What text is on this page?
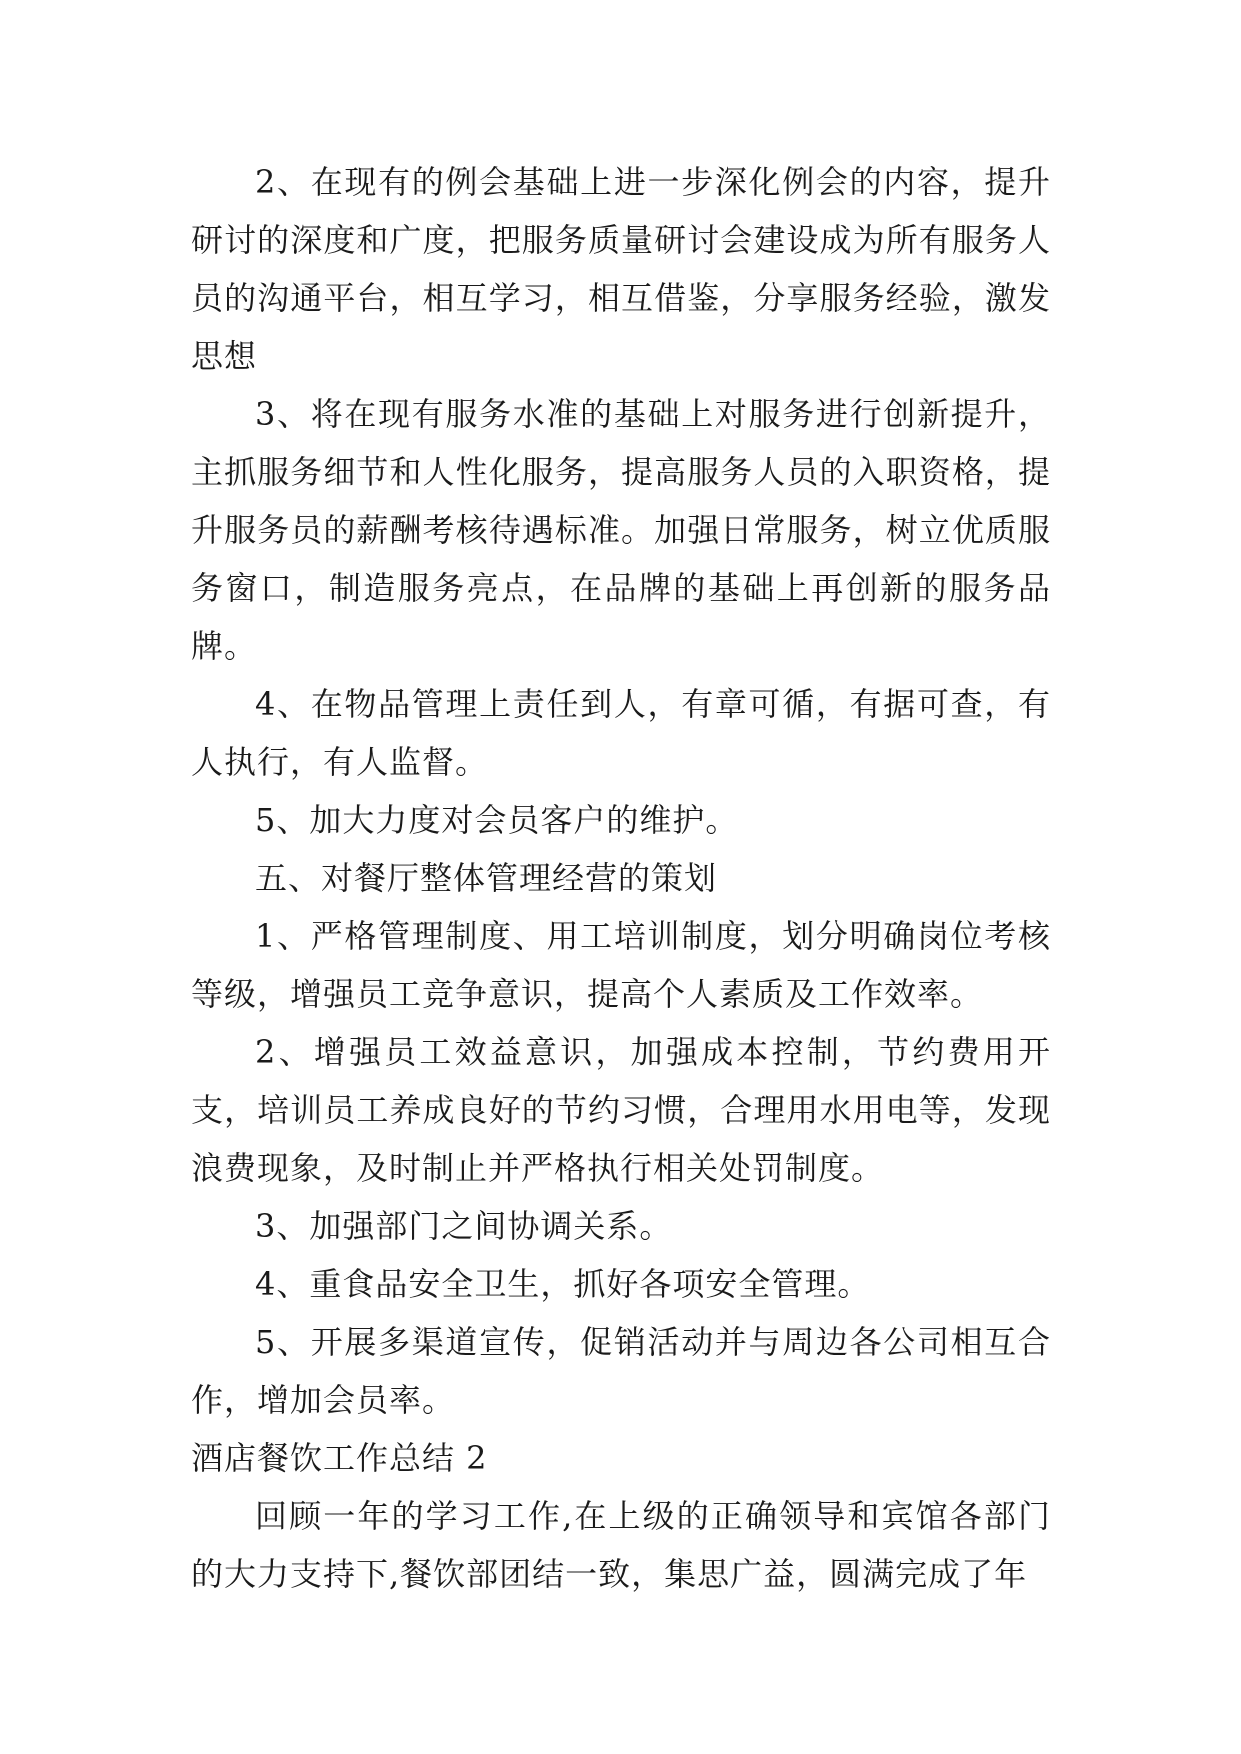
2、在现有的例会基础上进一步深化例会的内容，提升研讨的深度和广度，把服务质量研讨会建设成为所有服务人员的沟通平台，相互学习，相互借鉴，分享服务经验，激发思想

3、将在现有服务水准的基础上对服务进行创新提升，主抓服务细节和人性化服务，提高服务人员的入职资格，提升服务员的薪酬考核待遇标准。加强日常服务，树立优质服务窗口，制造服务亮点，在品牌的基础上再创新的服务品牌。

4、在物品管理上责任到人，有章可循，有据可查，有人执行，有人监督。

5、加大力度对会员客户的维护。

五、对餐厅整体管理经营的策划

1、严格管理制度、用工培训制度，划分明确岗位考核等级，增强员工竞争意识，提高个人素质及工作效率。

2、增强员工效益意识，加强成本控制，节约费用开支，培训员工养成良好的节约习惯，合理用水用电等，发现浪费现象，及时制止并严格执行相关处罚制度。

3、加强部门之间协调关系。

4、重食品安全卫生，抓好各项安全管理。

5、开展多渠道宣传，促销活动并与周边各公司相互合作，增加会员率。

酒店餐饮工作总结 2

回顾一年的学习工作,在上级的正确领导和宾馆各部门的大力支持下,餐饮部团结一致，集思广益，圆满完成了年
